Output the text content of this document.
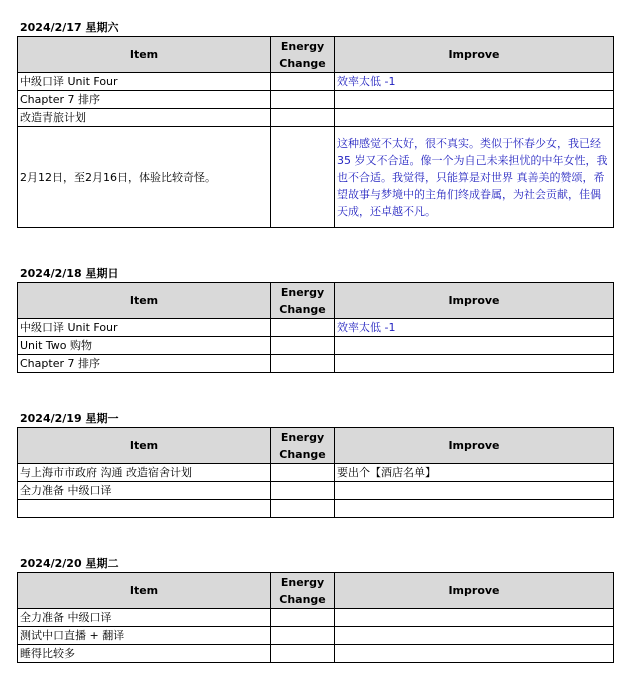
2024/2/17 星期六
Item	Energy Change	Improve
中级口译 Unit Four		效率太低 -1
Chapter 7 排序		
改造青旅计划		
2月12日，至2月16日，体验比较奇怪。		这种感觉不太好，很不真实。类似于怀春少女，我已经 35 岁又不合适。像一个为自己未来担忧的中年女性，我也不合适。我觉得，只能算是对世界 真善美的赞颂，希望故事与梦境中的主角们终成眷属，为社会贡献，佳偶天成，还卓越不凡。
2024/2/18 星期日
Item	Energy Change	Improve
中级口译 Unit Four		效率太低 -1
Unit Two 购物		
Chapter 7 排序		
2024/2/19 星期一
Item	Energy Change	Improve
与上海市市政府 沟通 改造宿舍计划		要出个【酒店名单】
全力准备 中级口译		

2024/2/20 星期二
Item	Energy Change	Improve
全力准备 中级口译		
测试中口直播 + 翻译		
睡得比较多		
